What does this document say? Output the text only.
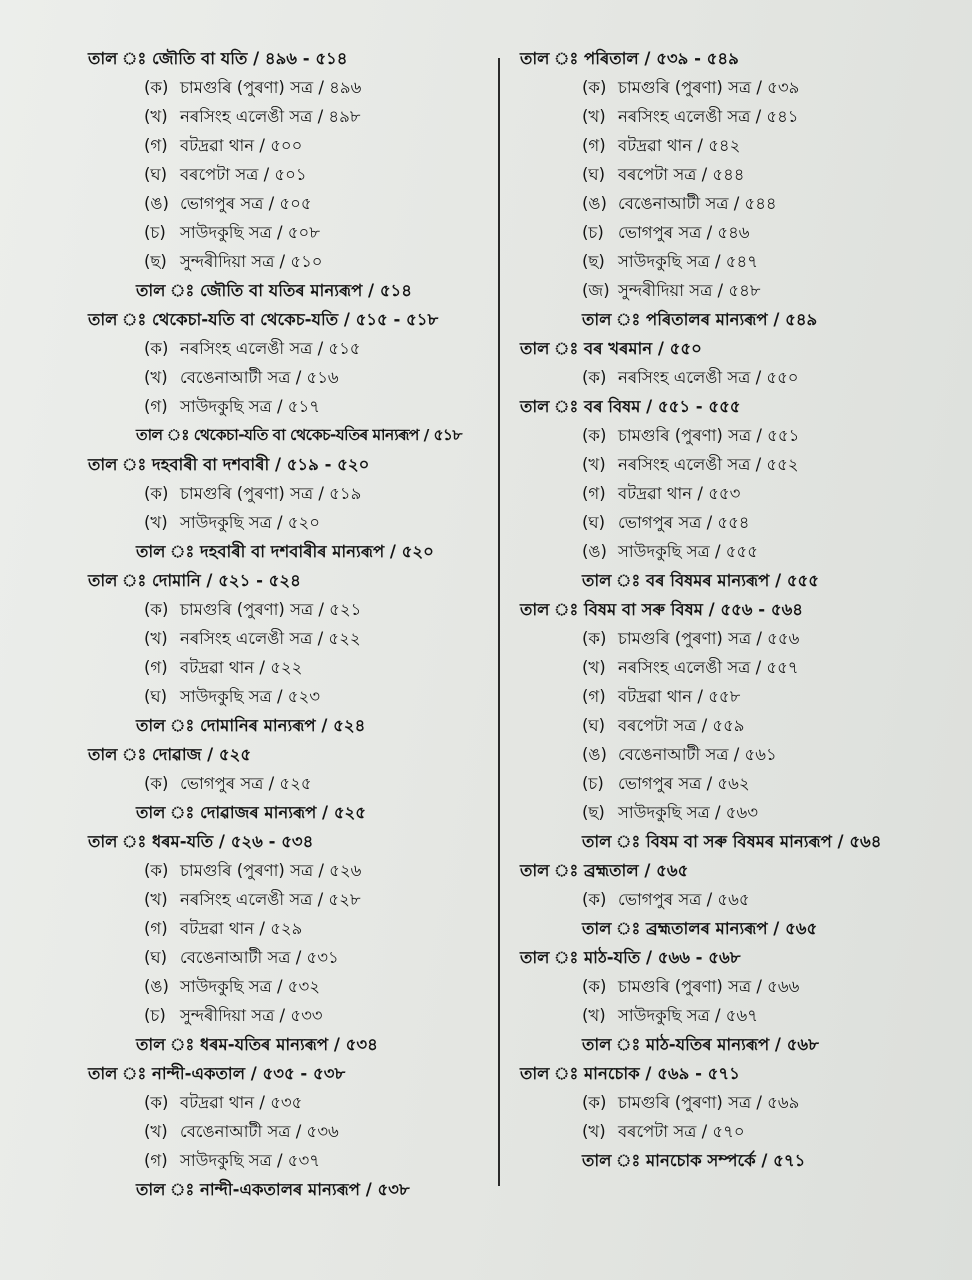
তাল ঃ জৌতি বা যতি / ৪৯৬ - ৫১৪
(ক) চামগুৰি (পুৰণা) সত্ৰ / ৪৯৬
(খ) নৰসিংহ এলেঙী সত্ৰ / ৪৯৮
(গ) বটদ্ৰৱা থান / ৫০০
(ঘ) বৰপেটা সত্ৰ / ৫০১
(ঙ) ভোগপুৰ সত্ৰ / ৫০৫
(চ) সাউদকুছি সত্ৰ / ৫০৮
(ছ) সুন্দৰীদিয়া সত্ৰ / ৫১০
তাল ঃ জৌতি বা যতিৰ মান্যৰূপ / ৫১৪
তাল ঃ থেকেচা-যতি বা থেকেচ-যতি / ৫১৫ - ৫১৮
(ক) নৰসিংহ এলেঙী সত্ৰ / ৫১৫
(খ) বেঙেনাআটী সত্ৰ / ৫১৬
(গ) সাউদকুছি সত্ৰ / ৫১৭
তাল ঃ থেকেচা-যতি বা থেকেচ-যতিৰ মান্যৰূপ / ৫১৮
তাল ঃ দহবাৰী বা দশবাৰী / ৫১৯ - ৫২০
(ক) চামগুৰি (পুৰণা) সত্ৰ / ৫১৯
(খ) সাউদকুছি সত্ৰ / ৫২০
তাল ঃ দহবাৰী বা দশবাৰীৰ মান্যৰূপ / ৫২০
তাল ঃ দোমানি / ৫২১ - ৫২৪
(ক) চামগুৰি (পুৰণা) সত্ৰ / ৫২১
(খ) নৰসিংহ এলেঙী সত্ৰ / ৫২২
(গ) বটদ্ৰৱা থান / ৫২২
(ঘ) সাউদকুছি সত্ৰ / ৫২৩
তাল ঃ দোমানিৰ মান্যৰূপ / ৫২৪
তাল ঃ দোৱাজ / ৫২৫
(ক) ভোগপুৰ সত্ৰ / ৫২৫
তাল ঃ দোৱাজৰ মান্যৰূপ / ৫২৫
তাল ঃ ধৰম-যতি / ৫২৬ - ৫৩৪
(ক) চামগুৰি (পুৰণা) সত্ৰ / ৫২৬
(খ) নৰসিংহ এলেঙী সত্ৰ / ৫২৮
(গ) বটদ্ৰৱা থান / ৫২৯
(ঘ) বেঙেনাআটী সত্ৰ / ৫৩১
(ঙ) সাউদকুছি সত্ৰ / ৫৩২
(চ) সুন্দৰীদিয়া সত্ৰ / ৫৩৩
তাল ঃ ধৰম-যতিৰ মান্যৰূপ / ৫৩৪
তাল ঃ নান্দী-একতাল / ৫৩৫ - ৫৩৮
(ক) বটদ্ৰৱা থান / ৫৩৫
(খ) বেঙেনাআটী সত্ৰ / ৫৩৬
(গ) সাউদকুছি সত্ৰ / ৫৩৭
তাল ঃ নান্দী-একতালৰ মান্যৰূপ / ৫৩৮
তাল ঃ পৰিতাল / ৫৩৯ - ৫৪৯
(ক) চামগুৰি (পুৰণা) সত্ৰ / ৫৩৯
(খ) নৰসিংহ এলেঙী সত্ৰ / ৫৪১
(গ) বটদ্ৰৱা থান / ৫৪২
(ঘ) বৰপেটা সত্ৰ / ৫৪৪
(ঙ) বেঙেনাআটী সত্ৰ / ৫৪৪
(চ) ভোগপুৰ সত্ৰ / ৫৪৬
(ছ) সাউদকুছি সত্ৰ / ৫৪৭
(জ) সুন্দৰীদিয়া সত্ৰ / ৫৪৮
তাল ঃ পৰিতালৰ মান্যৰূপ / ৫৪৯
তাল ঃ বৰ খৰমান / ৫৫০
(ক) নৰসিংহ এলেঙী সত্ৰ / ৫৫০
তাল ঃ বৰ বিষম / ৫৫১ - ৫৫৫
(ক) চামগুৰি (পুৰণা) সত্ৰ / ৫৫১
(খ) নৰসিংহ এলেঙী সত্ৰ / ৫৫২
(গ) বটদ্ৰৱা থান / ৫৫৩
(ঘ) ভোগপুৰ সত্ৰ / ৫৫৪
(ঙ) সাউদকুছি সত্ৰ / ৫৫৫
তাল ঃ বৰ বিষমৰ মান্যৰূপ / ৫৫৫
তাল ঃ বিষম বা সৰু বিষম / ৫৫৬ - ৫৬৪
(ক) চামগুৰি (পুৰণা) সত্ৰ / ৫৫৬
(খ) নৰসিংহ এলেঙী সত্ৰ / ৫৫৭
(গ) বটদ্ৰৱা থান / ৫৫৮
(ঘ) বৰপেটা সত্ৰ / ৫৫৯
(ঙ) বেঙেনাআটী সত্ৰ / ৫৬১
(চ) ভোগপুৰ সত্ৰ / ৫৬২
(ছ) সাউদকুছি সত্ৰ / ৫৬৩
তাল ঃ বিষম বা সৰু বিষমৰ মান্যৰূপ / ৫৬৪
তাল ঃ ব্ৰহ্মতাল / ৫৬৫
(ক) ভোগপুৰ সত্ৰ / ৫৬৫
তাল ঃ ব্ৰহ্মতালৰ মান্যৰূপ / ৫৬৫
তাল ঃ মাঠ-যতি / ৫৬৬ - ৫৬৮
(ক) চামগুৰি (পুৰণা) সত্ৰ / ৫৬৬
(খ) সাউদকুছি সত্ৰ / ৫৬৭
তাল ঃ মাঠ-যতিৰ মান্যৰূপ / ৫৬৮
তাল ঃ মানচোক / ৫৬৯ - ৫৭১
(ক) চামগুৰি (পুৰণা) সত্ৰ / ৫৬৯
(খ) বৰপেটা সত্ৰ / ৫৭০
তাল ঃ মানচোক সম্পৰ্কে / ৫৭১
